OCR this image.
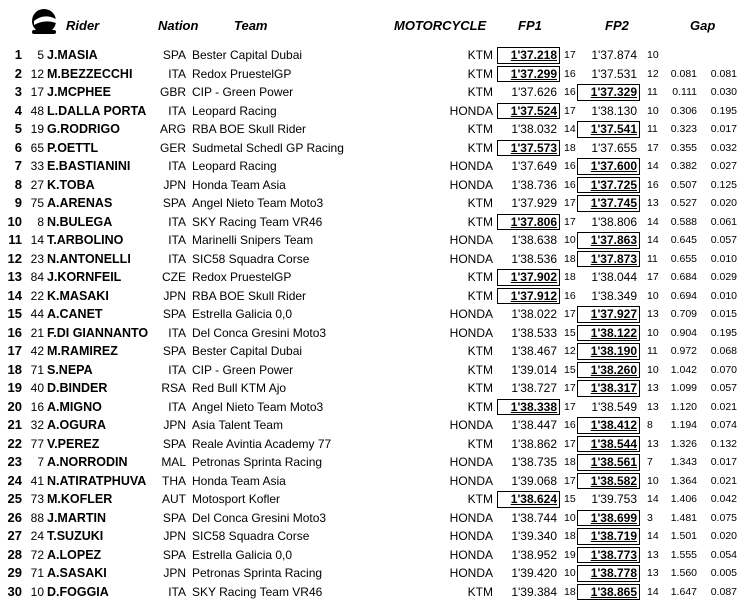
Rider	Nation	Team	MOTORCYCLE FP1	FP2	Gap
1	5 J.MASIA	SPA Bester Capital Dubai	KTM	1'37.218 17	1'37.874 10
2 12 M.BEZZECCHI	ITA Redox PruestelGP	KTM	1'37.299 16	1'37.531 12	0.081	0.081
3 17 J.MCPHEE	GBR CIP - Green Power	KTM	1'37.626 16	1'37.329 11	0.111	0.030
4 48 L.DALLA PORTA	ITA Leopard Racing	HONDA	1'37.524 17	1'38.130 10	0.306	0.195
5 19 G.RODRIGO	ARG RBA BOE Skull Rider	KTM	1'38.032 14	1'37.541 11	0.323	0.017
6 65 P.OETTL	GER Sudmetal Schedl GP Racing	KTM	1'37.573 18	1'37.655 17	0.355	0.032
7 33 E.BASTIANINI	ITA Leopard Racing	HONDA	1'37.649 16	1'37.600 14	0.382	0.027
8 27 K.TOBA	JPN Honda Team Asia	HONDA	1'38.736 16	1'37.725 16	0.507	0.125
9 75 A.ARENAS	SPA Angel Nieto Team Moto3	KTM	1'37.929 17	1'37.745 13	0.527	0.020
10	8 N.BULEGA	ITA SKY Racing Team VR46	KTM	1'37.806 17	1'38.806 14	0.588	0.061
11 14 T.ARBOLINO	ITA Marinelli Snipers Team	HONDA	1'38.638 10	1'37.863 14	0.645	0.057
12 23 N.ANTONELLI	ITA SIC58 Squadra Corse	HONDA	1'38.536 18	1'37.873 11	0.655	0.010
13 84 J.KORNFEIL	CZE Redox PruestelGP	KTM	1'37.902 18	1'38.044 17	0.684	0.029
14 22 K.MASAKI	JPN RBA BOE Skull Rider	KTM	1'37.912 16	1'38.349 10	0.694	0.010
15 44 A.CANET	SPA Estrella Galicia 0,0	HONDA	1'38.022 17	1'37.927 13	0.709	0.015
16 21 F.DI GIANNANTO	ITA Del Conca Gresini Moto3	HONDA	1'38.533 15	1'38.122 10	0.904	0.195
17 42 M.RAMIREZ	SPA Bester Capital Dubai	KTM	1'38.467 12	1'38.190 11	0.972	0.068
18 71 S.NEPA	ITA CIP - Green Power	KTM	1'39.014 15	1'38.260 10	1.042	0.070
19 40 D.BINDER	RSA Red Bull KTM Ajo	KTM	1'38.727 17	1'38.317 13	1.099	0.057
20 16 A.MIGNO	ITA Angel Nieto Team Moto3	KTM	1'38.338 17	1'38.549 13	1.120	0.021
21 32 A.OGURA	JPN Asia Talent Team	HONDA	1'38.447 16	1'38.412 8	1.194	0.074
22 77 V.PEREZ	SPA Reale Avintia Academy 77	KTM	1'38.862 17	1'38.544 13	1.326	0.132
23	7 A.NORRODIN	MAL Petronas Sprinta Racing	HONDA	1'38.735 18	1'38.561 7	1.343	0.017
24 41 N.ATIRATPHUVA THA Honda Team Asia	HONDA	1'39.068 17	1'38.582 10	1.364	0.021
25 73 M.KOFLER	AUT Motosport Kofler	KTM	1'38.624 15	1'39.753 14	1.406	0.042
26 88 J.MARTIN	SPA Del Conca Gresini Moto3	HONDA	1'38.744 10	1'38.699 3	1.481	0.075
27 24 T.SUZUKI	JPN SIC58 Squadra Corse	HONDA	1'39.340 18	1'38.719 14	1.501	0.020
28 72 A.LOPEZ	SPA Estrella Galicia 0,0	HONDA	1'38.952 19	1'38.773 13	1.555	0.054
29 71 A.SASAKI	JPN Petronas Sprinta Racing	HONDA	1'39.420 10	1'38.778 13	1.560	0.005
30 10 D.FOGGIA	ITA SKY Racing Team VR46	KTM	1'39.384 18	1'38.865 14	1.647	0.087
